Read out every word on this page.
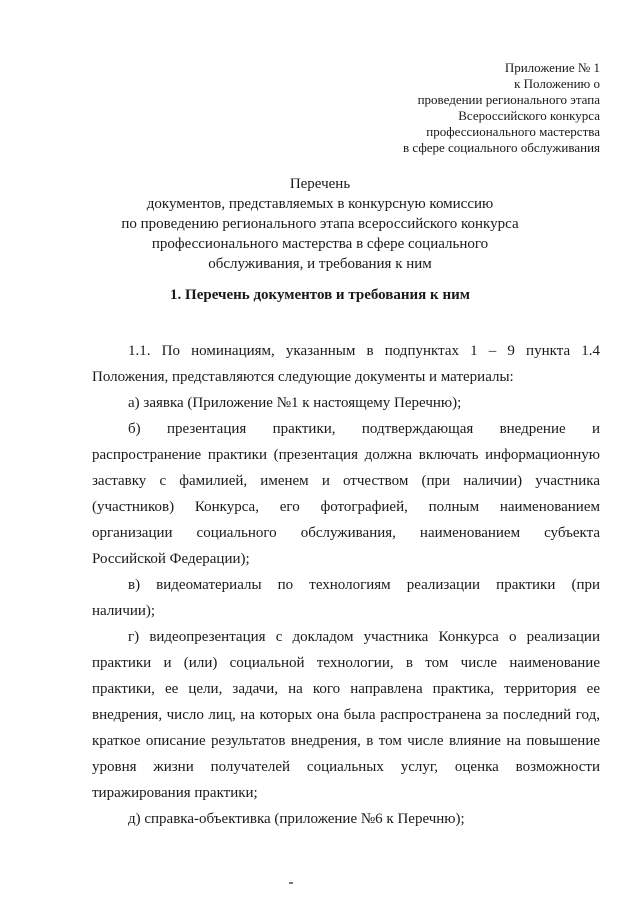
Приложение № 1
к Положению о
проведении регионального этапа
Всероссийского конкурса
профессионального мастерства
в сфере социального обслуживания
Перечень
документов, представляемых в конкурсную комиссию
по проведению регионального этапа всероссийского конкурса
профессионального мастерства в сфере социального
обслуживания, и требования к ним
1. Перечень документов и требования к ним
1.1. По номинациям, указанным в подпунктах 1 – 9 пункта 1.4
Положения, представляются следующие документы и материалы:
а) заявка (Приложение №1 к настоящему Перечню);
б) презентация практики, подтверждающая внедрение и
распространение практики (презентация должна включать информационную
заставку с фамилией, именем и отчеством (при наличии) участника
(участников) Конкурса, его фотографией, полным наименованием
организации социального обслуживания, наименованием субъекта
Российской Федерации);
в) видеоматериалы по технологиям реализации практики (при
наличии);
г) видеопрезентация с докладом участника Конкурса о реализации
практики и (или) социальной технологии, в том числе наименование
практики, ее цели, задачи, на кого направлена практика, территория ее
внедрения, число лиц, на которых она была распространена за последний год,
краткое описание результатов внедрения, в том числе влияние на повышение
уровня жизни получателей социальных услуг, оценка возможности
тиражирования практики;
д) справка-объективка (приложение №6 к Перечню);
